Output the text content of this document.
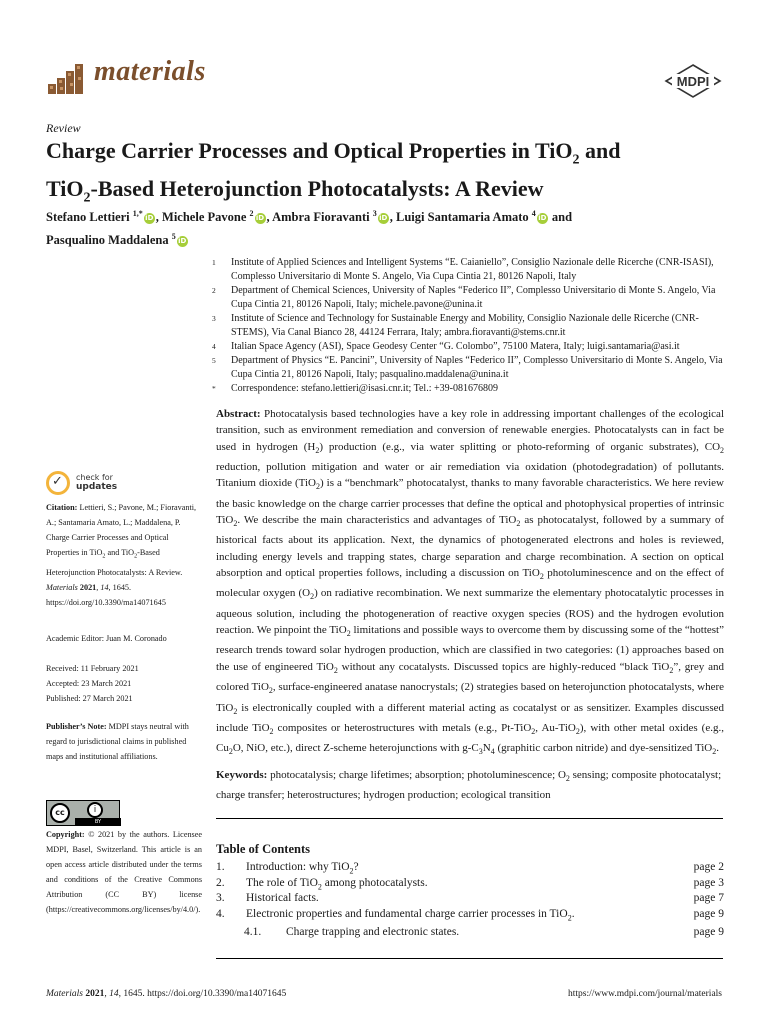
materials	MDPI
Review
Charge Carrier Processes and Optical Properties in TiO$_2$ and
TiO$_2$-Based Heterojunction Photocatalysts: A Review
Stefano Lettieri $^{1,*}$iD , Michele Pavone $^2$iD , Ambra Fioravanti $^3$iD , Luigi Santamaria Amato $^4$iD and
Pasqualino Maddalena $^5$iD
1	Institute of Applied Sciences and Intelligent Systems “E. Caianiello”, Consiglio Nazionale delle Ricerche (CNR-ISASI), Complesso Universitario di Monte S. Angelo, Via Cupa Cintia 21, 80126 Napoli, Italy
2	Department of Chemical Sciences, University of Naples “Federico II”, Complesso Universitario di Monte S. Angelo, Via Cupa Cintia 21, 80126 Napoli, Italy; michele.pavone@unina.it
3	Institute of Science and Technology for Sustainable Energy and Mobility, Consiglio Nazionale delle Ricerche (CNR-STEMS), Via Canal Bianco 28, 44124 Ferrara, Italy; ambra.fioravanti@stems.cnr.it
4	Italian Space Agency (ASI), Space Geodesy Center “G. Colombo”, 75100 Matera, Italy; luigi.santamaria@asi.it
5	Department of Physics “E. Pancini”, University of Naples “Federico II”, Complesso Universitario di Monte S. Angelo, Via Cupa Cintia 21, 80126 Napoli, Italy; pasqualino.maddalena@unina.it
*	Correspondence: stefano.lettieri@isasi.cnr.it; Tel.: +39-081676809
Abstract: Photocatalysis based technologies have a key role in addressing important challenges of the ecological transition, such as environment remediation and conversion of renewable energies. Photocatalysts can in fact be used in hydrogen $(H_2)$ production (e.g., via water splitting or photo-reforming of organic substrates), $CO_2$ reduction, pollution mitigation and water or air remediation via oxidation (photodegradation) of pollutants. Titanium dioxide (TiO$_2$) is a “benchmark” photocatalyst, thanks to many favorable characteristics. We here review the basic knowledge on the charge carrier processes that define the optical and photophysical properties of intrinsic TiO$_2$. We describe the main characteristics and advantages of TiO$_2$ as photocatalyst, followed by a summary of historical facts about its application. Next, the dynamics of photogenerated electrons and holes is reviewed, including energy levels and trapping states, charge separation and charge recombination. A section on optical absorption and optical properties follows, including a discussion on TiO$_2$ photoluminescence and on the effect of molecular oxygen $(O_2)$ on radiative recombination. We next summarize the elementary photocatalytic processes in aqueous solution, including the photogeneration of reactive oxygen species (ROS) and the hydrogen evolution reaction. We pinpoint the TiO$_2$ limitations and possible ways to overcome them by discussing some of the “hottest” research trends toward solar hydrogen production, which are classified in two categories: (1) approaches based on the use of engineered TiO$_2$ without any cocatalysts. Discussed topics are highly-reduced “black TiO$_2$”, grey and colored TiO$_2$, surface-engineered anatase nanocrystals; (2) strategies based on heterojunction photocatalysts, where TiO$_2$ is electronically coupled with a different material acting as cocatalyst or as sensitizer. Examples discussed include TiO$_2$ composites or heterostructures with metals (e.g., Pt-TiO$_2$, Au-TiO$_2$), with other metal oxides (e.g., $Cu_2O$, NiO, etc.), direct Z-scheme heterojunctions with $g-C_3N_4$ (graphitic carbon nitride) and dye-sensitized TiO$_2$.
Keywords: photocatalysis; charge lifetimes; absorption; photoluminescence; $O_2$ sensing; composite photocatalyst; charge transfer; heterostructures; hydrogen production; ecological transition
✓ check for
updates
Citation: Lettieri, S.; Pavone, M.; Fioravanti, A.; Santamaria Amato, L.; Maddalena, P. Charge Carrier Processes and Optical Properties in TiO$_2$ and TiO$_2$-Based Heterojunction Photocatalysts: A Review. Materials 2021, 14, 1645. https://doi.org/10.3390/ma14071645
Academic Editor: Juan M. Coronado
Received: 11 February 2021
Accepted: 23 March 2021
Published: 27 March 2021
Publisher’s Note: MDPI stays neutral with regard to jurisdictional claims in published maps and institutional affiliations.
cc	i
BY
Copyright: © 2021 by the authors. Licensee MDPI, Basel, Switzerland. This article is an open access article distributed under the terms and conditions of the Creative Commons Attribution (CC BY) license (https://creativecommons.org/licenses/by/4.0/).
Table of Contents
1. Introduction: why TiO$_2$?	page 2
2. The role of TiO$_2$ among photocatalysts.	page 3
3. Historical facts.	page 7
4. Electronic properties and fundamental charge carrier processes in TiO$_2$.	page 9
4.1. Charge trapping and electronic states.	page 9
Materials 2021, 14, 1645. https://doi.org/10.3390/ma14071645	https://www.mdpi.com/journal/materials
